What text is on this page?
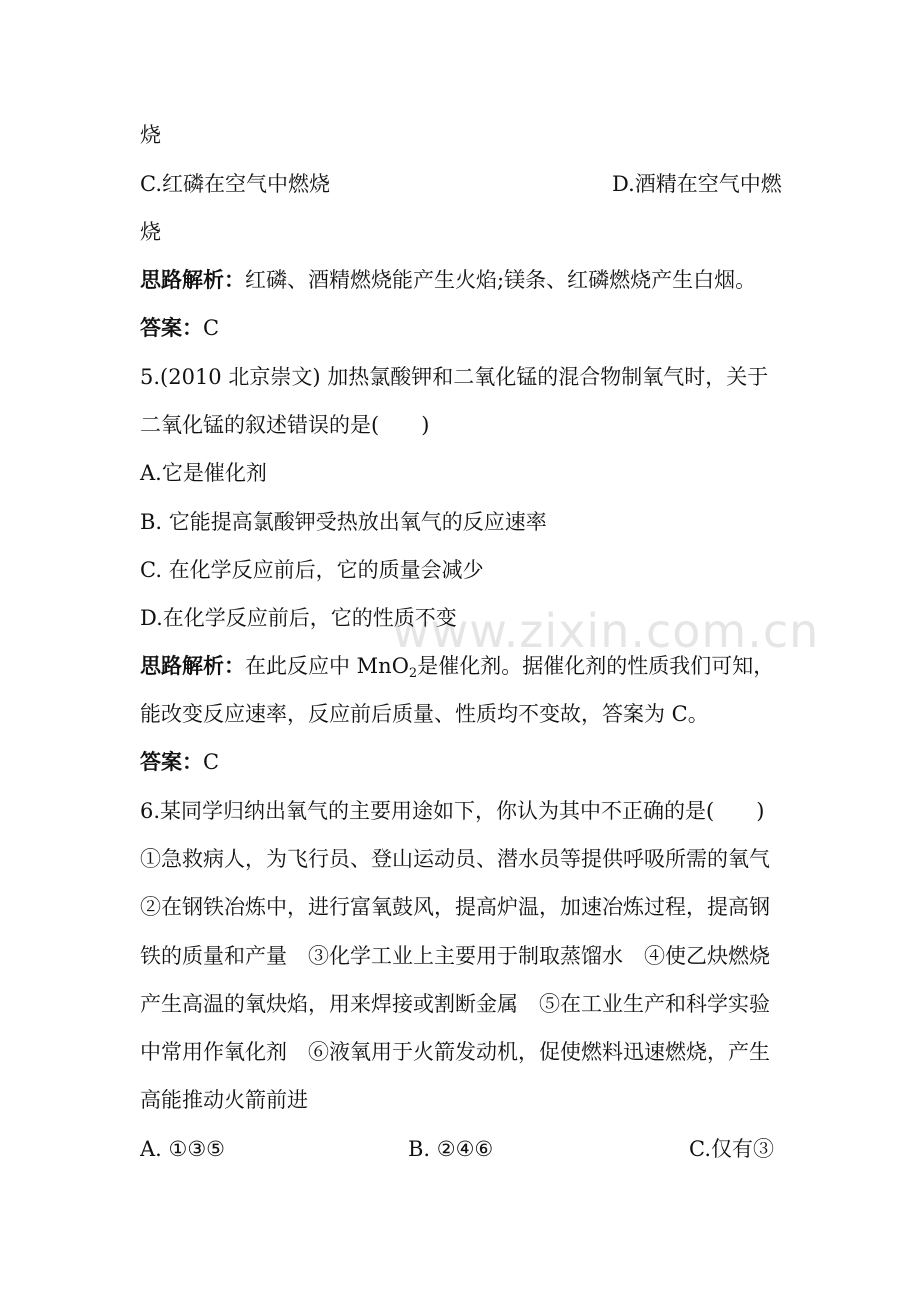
www.zixin.com.cn
烧
C.红磷在空气中燃烧	D.酒精在空气中燃
烧
思路解析：红磷、酒精燃烧能产生火焰;镁条、红磷燃烧产生白烟。
答案：C
5.(2010 北京崇文) 加热氯酸钾和二氧化锰的混合物制氧气时，关于
二氧化锰的叙述错误的是(　　)
A.它是催化剂
B. 它能提高氯酸钾受热放出氧气的反应速率
C. 在化学反应前后，它的质量会减少
D.在化学反应前后，它的性质不变
思路解析：在此反应中 MnO$_2$是催化剂。据催化剂的性质我们可知，
能改变反应速率，反应前后质量、性质均不变故，答案为 C。
答案：C
6.某同学归纳出氧气的主要用途如下，你认为其中不正确的是(　　)
①急救病人，为飞行员、登山运动员、潜水员等提供呼吸所需的氧气
②在钢铁冶炼中，进行富氧鼓风，提高炉温，加速冶炼过程，提高钢
铁的质量和产量　③化学工业上主要用于制取蒸馏水　④使乙炔燃烧
产生高温的氧炔焰，用来焊接或割断金属　⑤在工业生产和科学实验
中常用作氧化剂　⑥液氧用于火箭发动机，促使燃料迅速燃烧，产生
高能推动火箭前进
A. ①③⑤	B. ②④⑥	C.仅有③
